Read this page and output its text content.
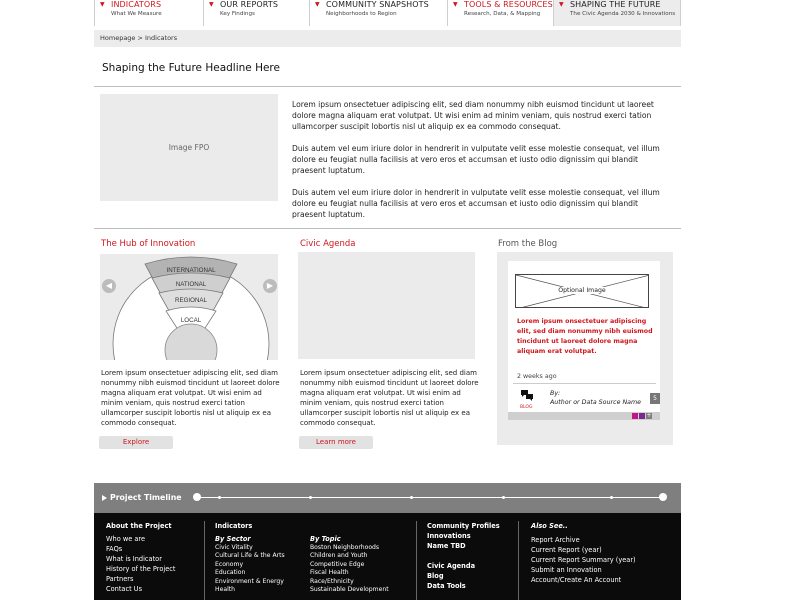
▼ INDICATORS
What We Measure
▼ OUR REPORTS
Key Findings
▼ COMMUNITY SNAPSHOTS
Neighborhoods to Region
▼ TOOLS & RESOURCES
Research, Data, & Mapping
▼ SHAPING THE FUTURE
The Civic Agenda 2030 & Innovations
Homepage > Indicators
Shaping the Future Headline Here
Image FPO

Lorem ipsum onsectetuer adipiscing elit, sed diam nonummy nibh euismod tincidunt ut laoreet dolore magna aliquam erat volutpat. Ut wisi enim ad minim veniam, quis nostrud exerci tation ullamcorper suscipit lobortis nisl ut aliquip ex ea commodo consequat.

Duis autem vel eum iriure dolor in hendrerit in vulputate velit esse molestie consequat, vel illum dolore eu feugiat nulla facilisis at vero eros et accumsan et iusto odio dignissim qui blandit praesent luptatum.

Duis autem vel eum iriure dolor in hendrerit in vulputate velit esse molestie consequat, vel illum dolore eu feugiat nulla facilisis at vero eros et accumsan et iusto odio dignissim qui blandit praesent luptatum.

The Hub of Innovation
INTERNATIONAL
NATIONAL
REGIONAL
LOCAL
◀	▶
Lorem ipsum onsectetuer adipiscing elit, sed diam nonummy nibh euismod tincidunt ut laoreet dolore magna aliquam erat volutpat. Ut wisi enim ad minim veniam, quis nostrud exerci tation ullamcorper suscipit lobortis nisl ut aliquip ex ea commodo consequat.
Explore
Civic Agenda
Lorem ipsum onsectetuer adipiscing elit, sed diam nonummy nibh euismod tincidunt ut laoreet dolore magna aliquam erat volutpat. Ut wisi enim ad minim veniam, quis nostrud exerci tation ullamcorper suscipit lobortis nisl ut aliquip ex ea commodo consequat.
Learn more
From the Blog
Optional Image
Lorem ipsum onsectetuer adipiscing elit, sed diam nonummy nibh euismod tincidunt ut laoreet dolore magna aliquam erat volutpat.
2 weeks ago
BLOG
By:
Author or Data Source Name
5
+
Project Timeline
About the Project
Who we are
FAQs
What is Indicator
History of the Project
Partners
Contact Us
Indicators
By Sector
Civic Vitality
Cultural Life & the Arts
Economy
Education
Environment & Energy
Health
By Topic
Boston Neighborhoods
Children and Youth
Competitive Edge
Fiscal Health
Race/Ethnicity
Sustainable Development
Community Profiles
Innovations
Name TBD
Civic Agenda
Blog
Data Tools
Also See..
Report Archive
Current Report (year)
Current Report Summary (year)
Submit an Innovation
Account/Create An Account
